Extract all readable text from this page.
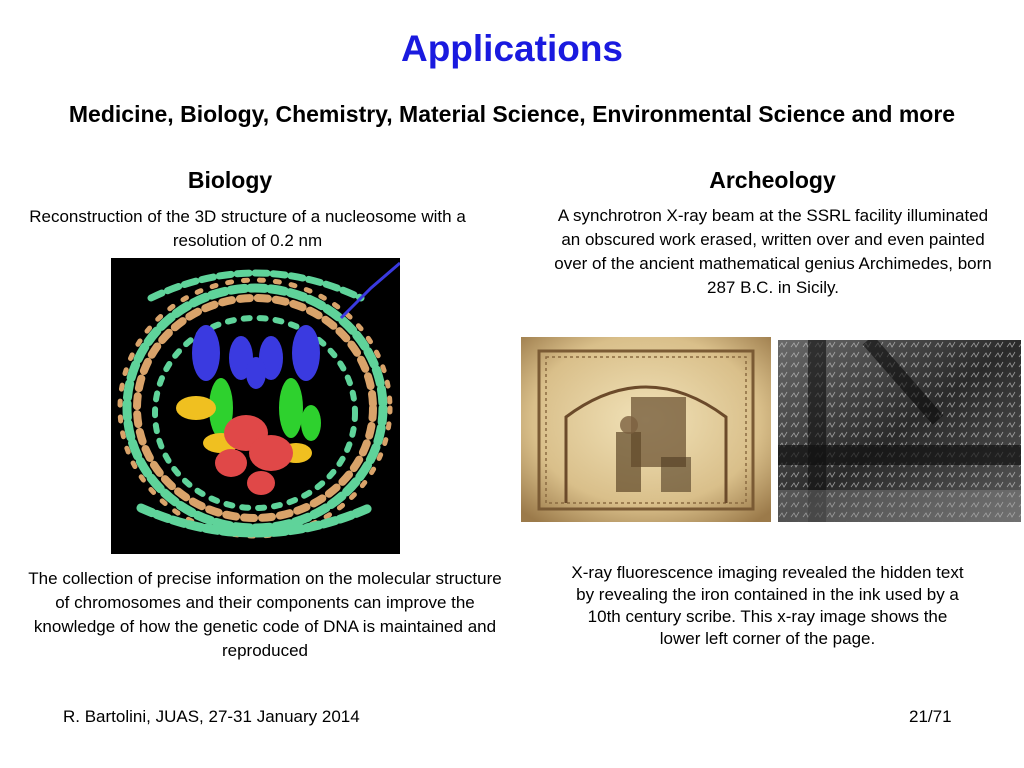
Applications
Medicine, Biology, Chemistry, Material Science, Environmental Science and more
Biology
Reconstruction of the 3D structure of a nucleosome with a resolution of 0.2 nm
The collection of precise information on the molecular structure of chromosomes and their components can improve the knowledge of how the genetic code of DNA is maintained and reproduced
Archeology
A synchrotron X-ray beam at the SSRL facility illuminated an obscured work erased, written over and even painted over of the ancient mathematical genius Archimedes, born 287 B.C. in Sicily.
X-ray fluorescence imaging revealed the hidden text by revealing the iron contained in the ink used by a 10th century scribe. This x-ray image shows the lower left corner of the page.
R. Bartolini, JUAS, 27-31 January 2014	21/71
